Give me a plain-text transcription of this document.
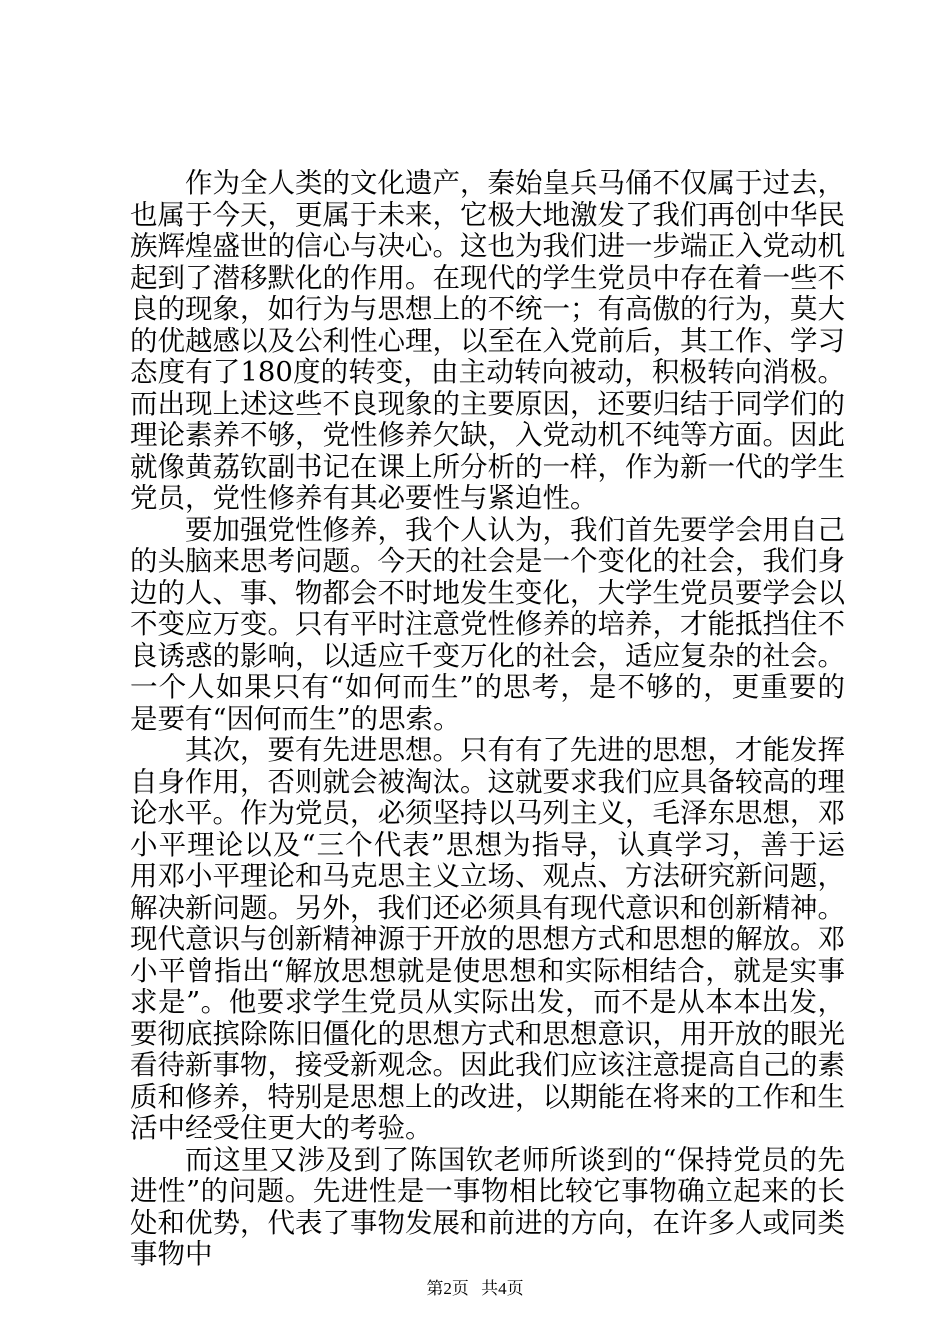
作为全人类的文化遗产，秦始皇兵马俑不仅属于过去，也属于今天，更属于未来，它极大地激发了我们再创中华民族辉煌盛世的信心与决心。这也为我们进一步端正入党动机起到了潜移默化的作用。在现代的学生党员中存在着一些不良的现象，如行为与思想上的不统一；有高傲的行为，莫大的优越感以及公利性心理，以至在入党前后，其工作、学习态度有了180度的转变，由主动转向被动，积极转向消极。而出现上述这些不良现象的主要原因，还要归结于同学们的理论素养不够，党性修养欠缺，入党动机不纯等方面。因此就像黄荔钦副书记在课上所分析的一样，作为新一代的学生党员，党性修养有其必要性与紧迫性。

要加强党性修养，我个人认为，我们首先要学会用自己的头脑来思考问题。今天的社会是一个变化的社会，我们身边的人、事、物都会不时地发生变化，大学生党员要学会以不变应万变。只有平时注意党性修养的培养，才能抵挡住不良诱惑的影响，以适应千变万化的社会，适应复杂的社会。一个人如果只有“如何而生”的思考，是不够的，更重要的是要有“因何而生”的思索。

其次，要有先进思想。只有有了先进的思想，才能发挥自身作用，否则就会被淘汰。这就要求我们应具备较高的理论水平。作为党员，必须坚持以马列主义，毛泽东思想，邓小平理论以及“三个代表”思想为指导，认真学习，善于运用邓小平理论和马克思主义立场、观点、方法研究新问题，解决新问题。另外，我们还必须具有现代意识和创新精神。现代意识与创新精神源于开放的思想方式和思想的解放。邓小平曾指出“解放思想就是使思想和实际相结合，就是实事求是”。他要求学生党员从实际出发，而不是从本本出发，要彻底摈除陈旧僵化的思想方式和思想意识，用开放的眼光看待新事物，接受新观念。因此我们应该注意提高自己的素质和修养，特别是思想上的改进，以期能在将来的工作和生活中经受住更大的考验。

而这里又涉及到了陈国钦老师所谈到的“保持党员的先进性”的问题。先进性是一事物相比较它事物确立起来的长处和优势，代表了事物发展和前进的方向，在许多人或同类事物中

第2页 共4页
